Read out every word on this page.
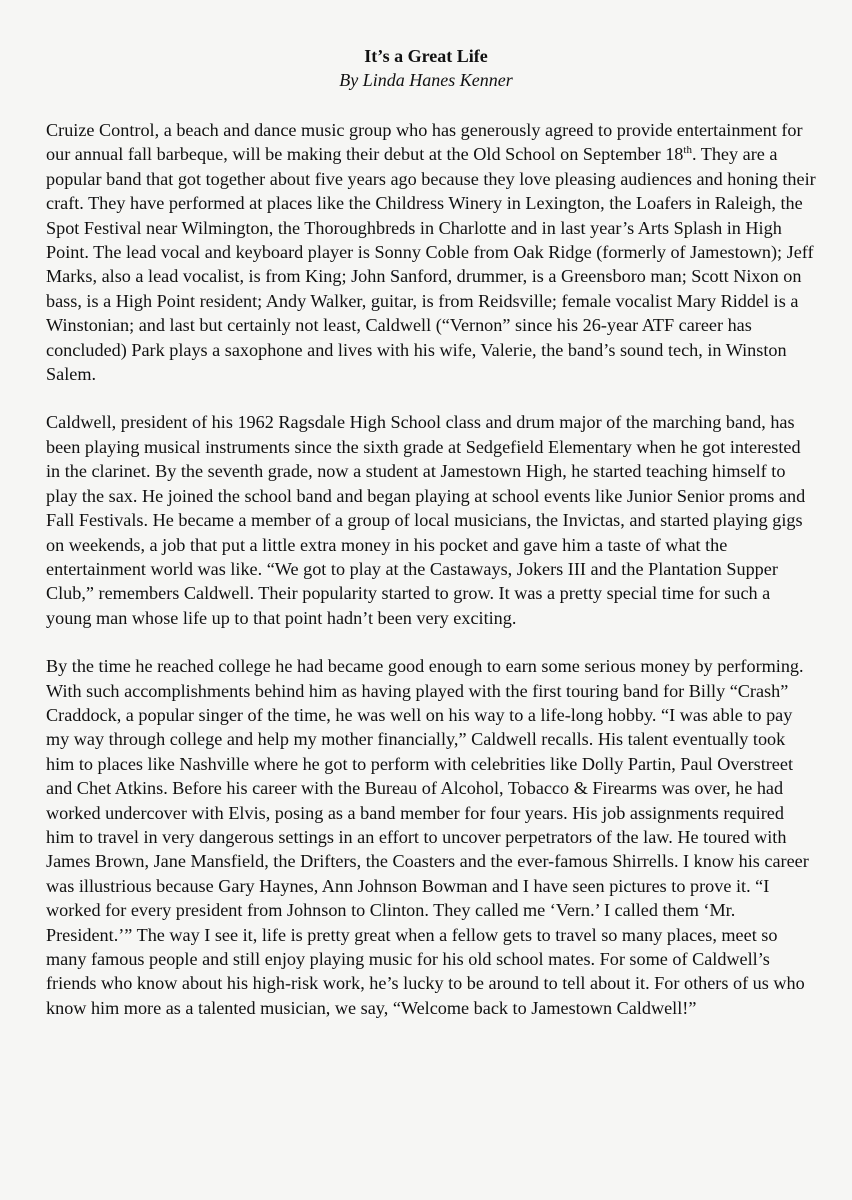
It’s a Great Life
By Linda Hanes Kenner

Cruize Control, a beach and dance music group who has generously agreed to provide entertainment for our annual fall barbeque, will be making their debut at the Old School on September 18th. They are a popular band that got together about five years ago because they love pleasing audiences and honing their craft. They have performed at places like the Childress Winery in Lexington, the Loafers in Raleigh, the Spot Festival near Wilmington, the Thoroughbreds in Charlotte and in last year’s Arts Splash in High Point. The lead vocal and keyboard player is Sonny Coble from Oak Ridge (formerly of Jamestown); Jeff Marks, also a lead vocalist, is from King; John Sanford, drummer, is a Greensboro man; Scott Nixon on bass, is a High Point resident; Andy Walker, guitar, is from Reidsville; female vocalist Mary Riddel is a Winstonian; and last but certainly not least, Caldwell (“Vernon” since his 26-year ATF career has concluded) Park plays a saxophone and lives with his wife, Valerie, the band’s sound tech, in Winston Salem.

Caldwell, president of his 1962 Ragsdale High School class and drum major of the marching band, has been playing musical instruments since the sixth grade at Sedgefield Elementary when he got interested in the clarinet. By the seventh grade, now a student at Jamestown High, he started teaching himself to play the sax. He joined the school band and began playing at school events like Junior Senior proms and Fall Festivals. He became a member of a group of local musicians, the Invictas, and started playing gigs on weekends, a job that put a little extra money in his pocket and gave him a taste of what the entertainment world was like. “We got to play at the Castaways, Jokers III and the Plantation Supper Club,” remembers Caldwell. Their popularity started to grow. It was a pretty special time for such a young man whose life up to that point hadn’t been very exciting.

By the time he reached college he had became good enough to earn some serious money by performing. With such accomplishments behind him as having played with the first touring band for Billy “Crash” Craddock, a popular singer of the time, he was well on his way to a life-long hobby. “I was able to pay my way through college and help my mother financially,” Caldwell recalls. His talent eventually took him to places like Nashville where he got to perform with celebrities like Dolly Partin, Paul Overstreet and Chet Atkins. Before his career with the Bureau of Alcohol, Tobacco & Firearms was over, he had worked undercover with Elvis, posing as a band member for four years. His job assignments required him to travel in very dangerous settings in an effort to uncover perpetrators of the law. He toured with James Brown, Jane Mansfield, the Drifters, the Coasters and the ever-famous Shirrells. I know his career was illustrious because Gary Haynes, Ann Johnson Bowman and I have seen pictures to prove it. “I worked for every president from Johnson to Clinton. They called me ‘Vern.’ I called them ‘Mr. President.’” The way I see it, life is pretty great when a fellow gets to travel so many places, meet so many famous people and still enjoy playing music for his old school mates. For some of Caldwell’s friends who know about his high-risk work, he’s lucky to be around to tell about it. For others of us who know him more as a talented musician, we say, “Welcome back to Jamestown Caldwell!”
